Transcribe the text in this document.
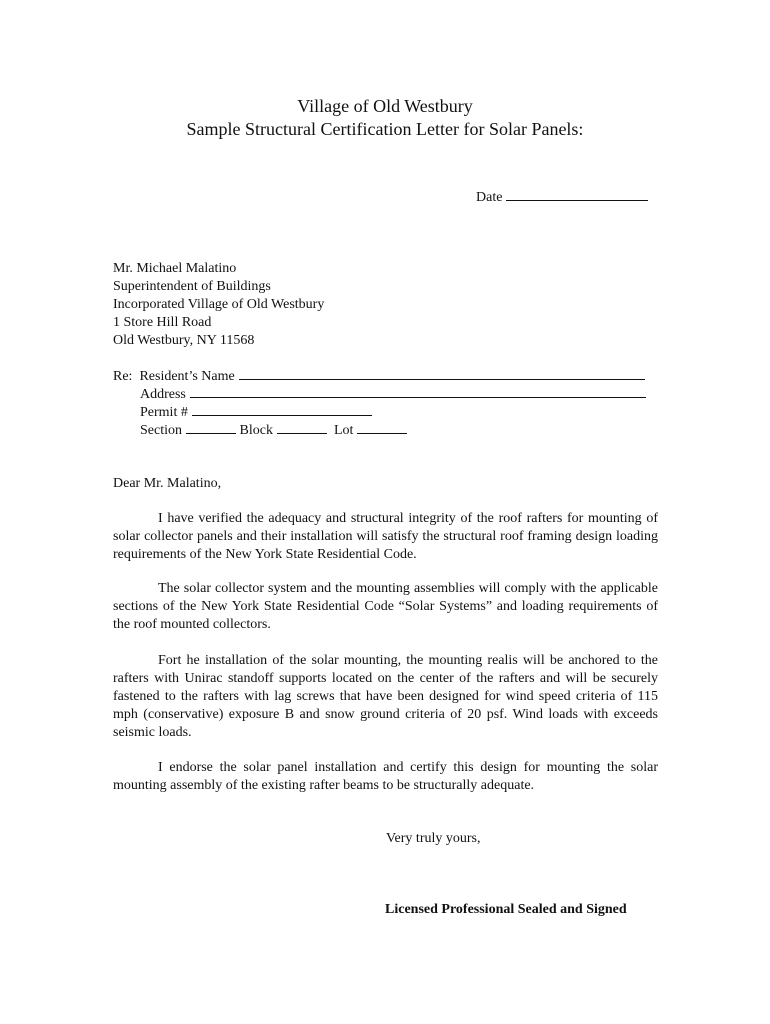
Village of Old Westbury
Sample Structural Certification Letter for Solar Panels:
Date
Mr. Michael Malatino
Superintendent of Buildings
Incorporated Village of Old Westbury
1 Store Hill Road
Old Westbury, NY 11568
Re: Resident’s Name
Address
Permit #
Section	Block	Lot
Dear Mr. Malatino,
I have verified the adequacy and structural integrity of the roof rafters for mounting of solar collector panels and their installation will satisfy the structural roof framing design loading requirements of the New York State Residential Code.
The solar collector system and the mounting assemblies will comply with the applicable sections of the New York State Residential Code “Solar Systems” and loading requirements of the roof mounted collectors.
Fort he installation of the solar mounting, the mounting realis will be anchored to the rafters with Unirac standoff supports located on the center of the rafters and will be securely fastened to the rafters with lag screws that have been designed for wind speed criteria of 115 mph (conservative) exposure B and snow ground criteria of 20 psf. Wind loads with exceeds seismic loads.
I endorse the solar panel installation and certify this design for mounting the solar mounting assembly of the existing rafter beams to be structurally adequate.
Very truly yours,
Licensed Professional Sealed and Signed
